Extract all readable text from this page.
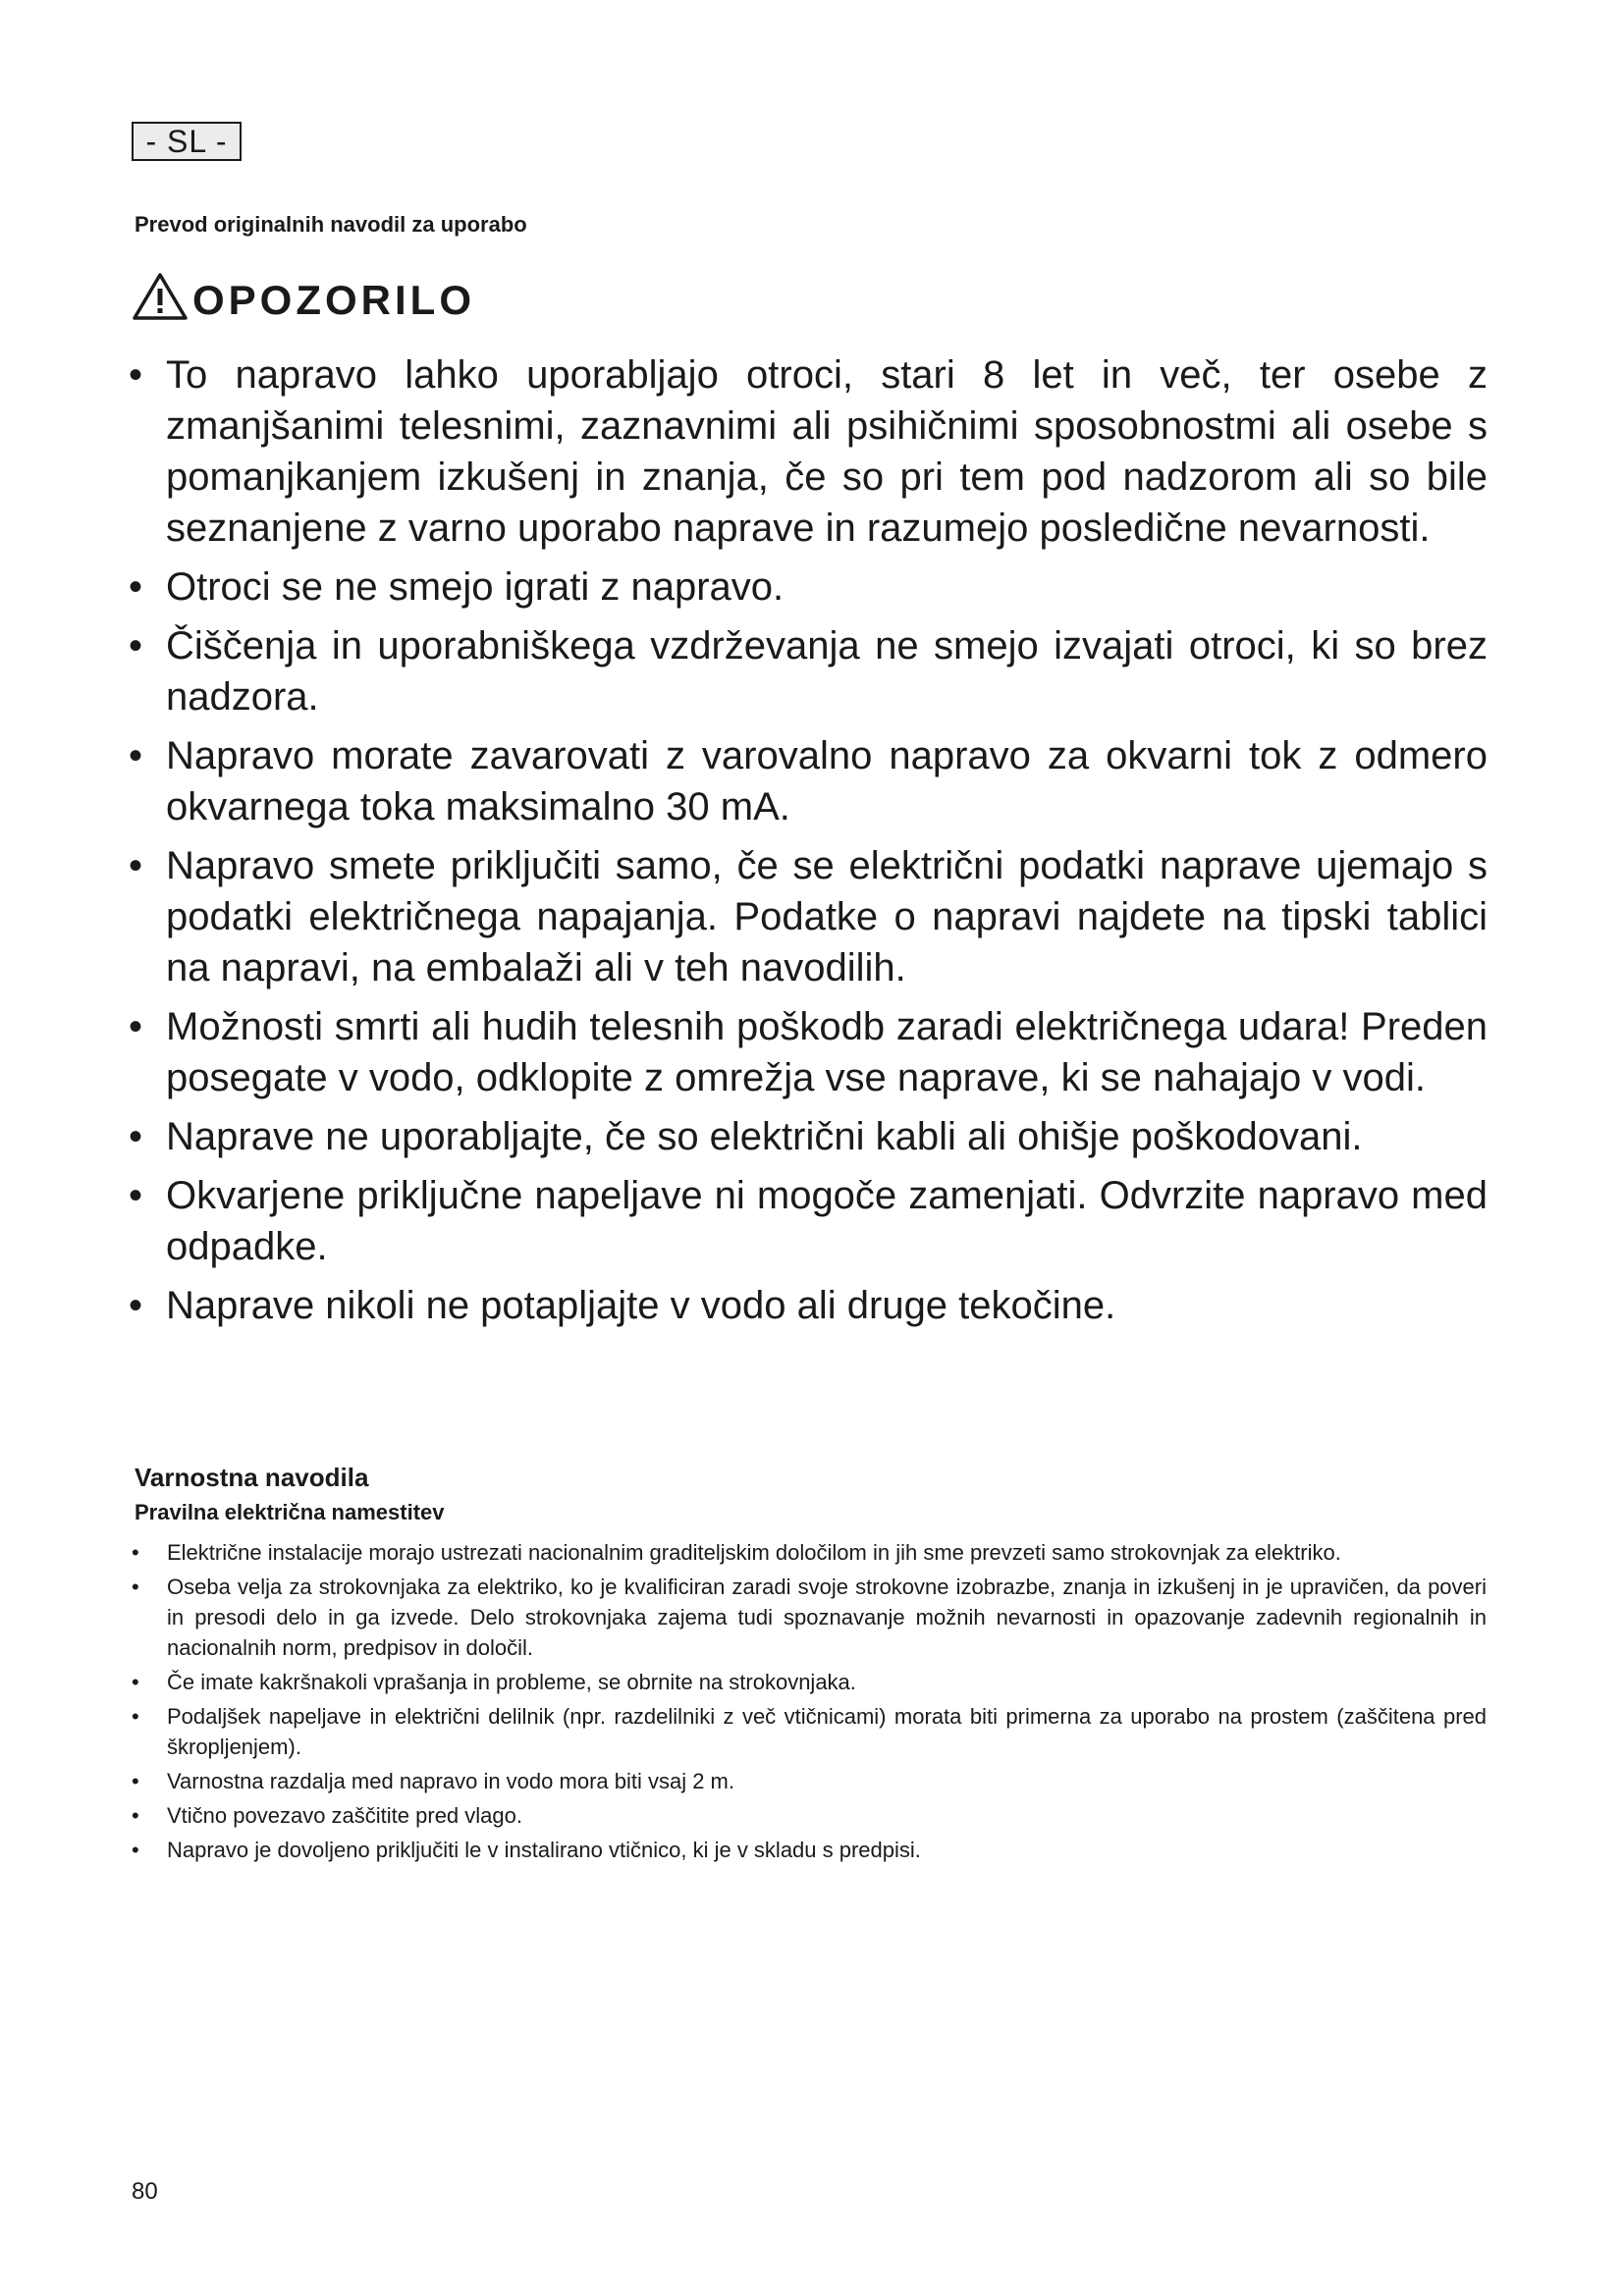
- SL -

Prevod originalnih navodil za uporabo

OPOZORILO
• To napravo lahko uporabljajo otroci, stari 8 let in več, ter osebe z zmanjšanimi telesnimi, zaznavnimi ali psihičnimi sposobnostmi ali osebe s pomanjkanjem izkušenj in znanja, če so pri tem pod nadzorom ali so bile seznanjene z varno uporabo naprave in razumejo posledične nevarnosti.
• Otroci se ne smejo igrati z napravo.
• Čiščenja in uporabniškega vzdrževanja ne smejo izvajati otroci, ki so brez nadzora.
• Napravo morate zavarovati z varovalno napravo za okvarni tok z odmero okvarnega toka maksimalno 30 mA.
• Napravo smete priključiti samo, če se električni podatki naprave ujemajo s podatki električnega napajanja. Podatke o napravi najdete na tipski tablici na napravi, na embalaži ali v teh navodilih.
• Možnosti smrti ali hudih telesnih poškodb zaradi električnega udara! Preden posegate v vodo, odklopite z omrežja vse naprave, ki se nahajajo v vodi.
• Naprave ne uporabljajte, če so električni kabli ali ohišje poškodovani.
• Okvarjene priključne napeljave ni mogoče zamenjati. Odvrzite napravo med odpadke.
• Naprave nikoli ne potapljajte v vodo ali druge tekočine.
Varnostna navodila
Pravilna električna namestitev
• Električne instalacije morajo ustrezati nacionalnim graditeljskim določilom in jih sme prevzeti samo strokovnjak za elektriko.
• Oseba velja za strokovnjaka za elektriko, ko je kvalificiran zaradi svoje strokovne izobrazbe, znanja in izkušenj in je upravičen, da poveri in presodi delo in ga izvede. Delo strokovnjaka zajema tudi spoznavanje možnih nevarnosti in opazovanje zadevnih regionalnih in nacionalnih norm, predpisov in določil.
• Če imate kakršnakoli vprašanja in probleme, se obrnite na strokovnjaka.
• Podaljšek napeljave in električni delilnik (npr. razdelilniki z več vtičnicami) morata biti primerna za uporabo na prostem (zaščitena pred škropljenjem).
• Varnostna razdalja med napravo in vodo mora biti vsaj 2 m.
• Vtično povezavo zaščitite pred vlago.
• Napravo je dovoljeno priključiti le v instalirano vtičnico, ki je v skladu s predpisi.

80
